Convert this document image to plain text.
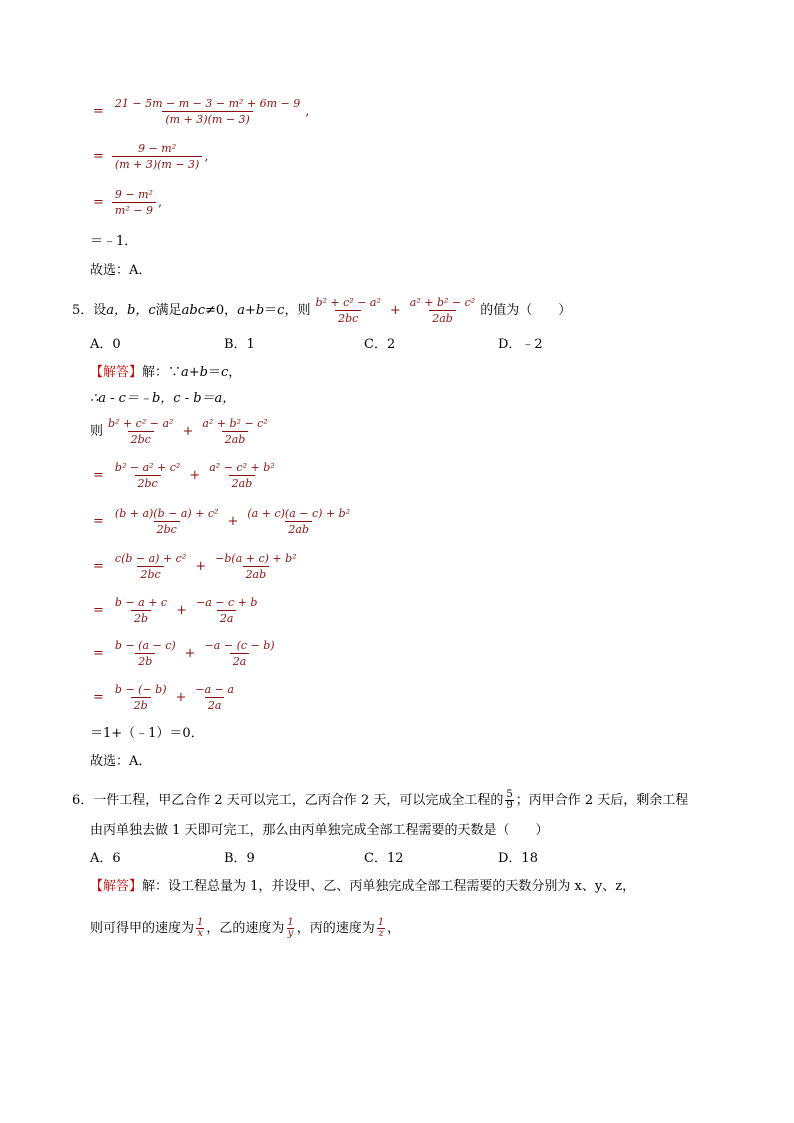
= $\frac{\text{21 − 5m − m − 3 − m² + 6m − 9}}{(m + 3)(m - 3)}$ ,
= $\frac{\text{9 − m²}}{(m + 3)(m - 3)}$ ,
= $\frac{\text{9 − m²}}{\text{m² − 9}}$ ,
＝﹣1．
故选：A．
5．设 a，b，c 满足 abc ≠0， a+b ＝ c ，则 $\frac{\text{b² + c² − a²}}{2bc} + \frac{\text{a² + b² − c²}}{2ab}$ 的值为（　　）
A．0	B．1	C．2	D．﹣2
【解答】 解：∵ a+b ＝ c ，
∴a - c＝﹣b，c - b＝a，
则 $\frac{\text{b² + c² − a²}}{2bc} + \frac{\text{a² + b² − c²}}{2ab}$
= $\frac{\text{b² − a² + c²}}{2bc} + \frac{\text{a² − c² + b²}}{2ab}$
= $\frac{\text{(b + a)(b − a) + c²}}{2bc} + \frac{\text{(a + c)(a − c) + b²}}{2ab}$
= $\frac{\text{c(b − a) + c²}}{2bc} + \frac{\text{−b(a + c) + b²}}{2ab}$
= $\frac{b - a + c}{2b} + \frac{-a - c + b}{2a}$
= $\frac{b - (a - c)}{2b} + \frac{-a - (c - b)}{2a}$
= $\frac{b - (- b)}{2b} + \frac{-a - a}{2a}$
＝1+（﹣1）＝0．
故选：A．
6．一件工程，甲乙合作 2 天可以完工，乙丙合作 2 天，可以完成全工程的 $\frac{5}{9}$ ；丙甲合作 2 天后，剩余工程
由丙单独去做 1 天即可完工，那么由丙单独完成全部工程需要的天数是（　　）
A．6	B．9	C．12	D．18
【解答】 解：设工程总量为 1，并设甲、乙、丙单独完成全部工程需要的天数分别为 x、y、z，
则可得甲的速度为 $\frac{1}{x}$ ，乙的速度为 $\frac{1}{y}$ ，丙的速度为 $\frac{1}{z}$ ，
